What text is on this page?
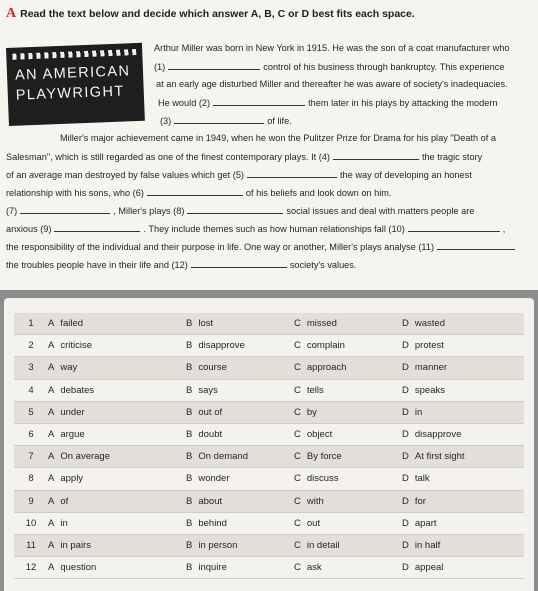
A Read the text below and decide which answer A, B, C or D best fits each space.
AN AMERICAN
PLAYWRIGHT
Arthur Miller was born in New York in 1915. He was the son of a coat manufacturer who
(1)	control of his business through bankruptcy. This experience
at an early age disturbed Miller and thereafter he was aware of society's inadequacies.
He would (2)	them later in his plays by attacking the modern
(3)	of life.
Miller's major achievement came in 1949, when he won the Pulitzer Prize for Drama for his play "Death of a
Salesman", which is still regarded as one of the finest contemporary plays. It (4)	the tragic story
of an average man destroyed by false values which get (5)	the way of developing an honest
relationship with his sons, who (6)	of his beliefs and look down on him.
(7)	, Miller's plays (8)	social issues and deal with matters people are
anxious (9)	. They include themes such as how human relationships fall (10)	,
the responsibility of the individual and their purpose in life. One way or another, Miller's plays analyse (11)
the troubles people have in their life and (12)	society's values.
1	A failed	B lost	C missed	D wasted
2	A criticise	B disapprove	C complain	D protest
3	A way	B course	C approach	D manner
4	A debates	B says	C tells	D speaks
5	A under	B out of	C by	D in
6	A argue	B doubt	C object	D disapprove
7	A On average	B On demand	C By force	D At first sight
8	A apply	B wonder	C discuss	D talk
9	A of	B about	C with	D for
10	A in	B behind	C out	D apart
11	A in pairs	B in person	C in detail	D in half
12	A question	B inquire	C ask	D appeal
